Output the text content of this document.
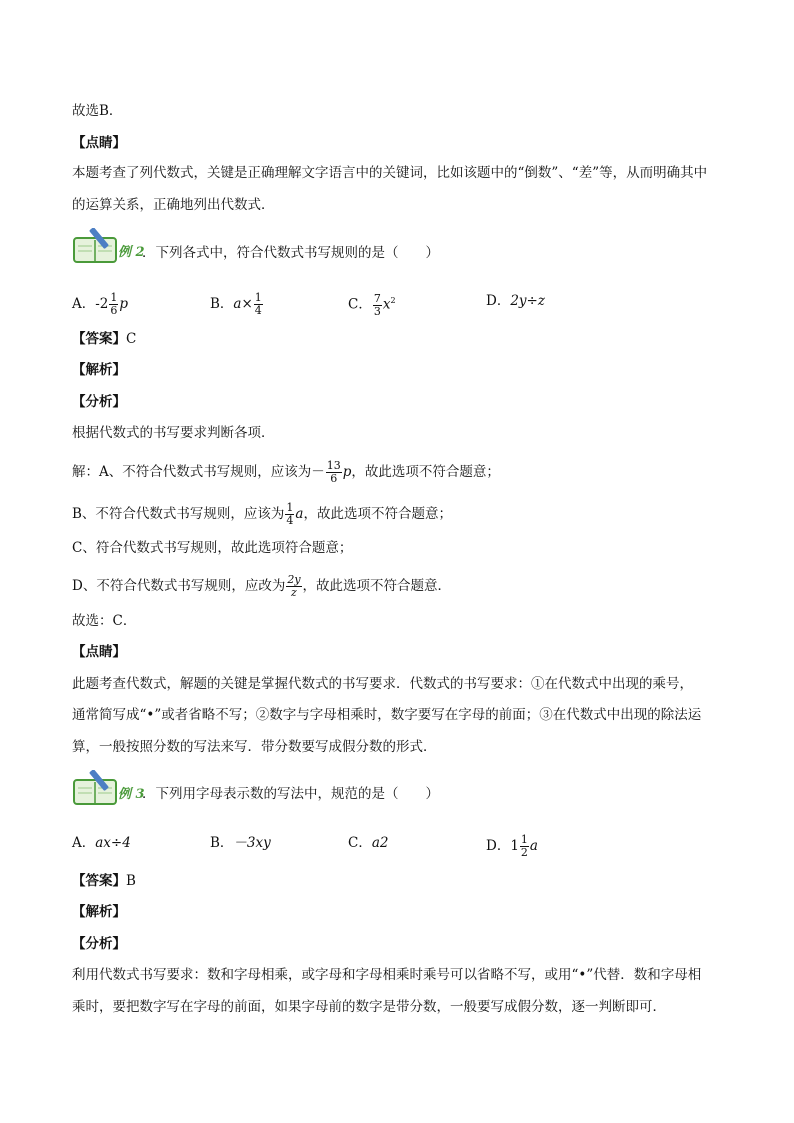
故选B．
【点睛】
本题考查了列代数式，关键是正确理解文字语言中的关键词，比如该题中的“倒数”、“差”等，从而明确其中
的运算关系，正确地列出代数式．
例 2
．下列各式中，符合代数式书写规则的是（　　）
A．$-2 \frac{1}{6}$ p	B．$a\times \frac{1}{4}$	C． $\frac{7}{3} x^2$	D．2y÷z
【答案】C
【解析】
【分析】
根据代数式的书写要求判断各项．
解：A、不符合代数式书写规则，应该为－ $\frac{13}{6}$ p，故此选项不符合题意；
B、不符合代数式书写规则，应该为 $\frac{1}{4}$ a，故此选项不符合题意；
C、符合代数式书写规则，故此选项符合题意；
D、不符合代数式书写规则，应改为 $\frac{2y}{z}$ ，故此选项不符合题意．
故选：C．
【点睛】
此题考查代数式，解题的关键是掌握代数式的书写要求．代数式的书写要求：①在代数式中出现的乘号，
通常简写成“•”或者省略不写；②数字与字母相乘时，数字要写在字母的前面；③在代数式中出现的除法运
算，一般按照分数的写法来写．带分数要写成假分数的形式．
例 3
．下列用字母表示数的写法中，规范的是（　　）
A．ax÷4	B．－3xy	C．a2	D．$1 \frac{1}{2}$ a
【答案】B
【解析】
【分析】
利用代数式书写要求：数和字母相乘，或字母和字母相乘时乘号可以省略不写，或用“•”代替．数和字母相
乘时，要把数字写在字母的前面，如果字母前的数字是带分数，一般要写成假分数，逐一判断即可．
